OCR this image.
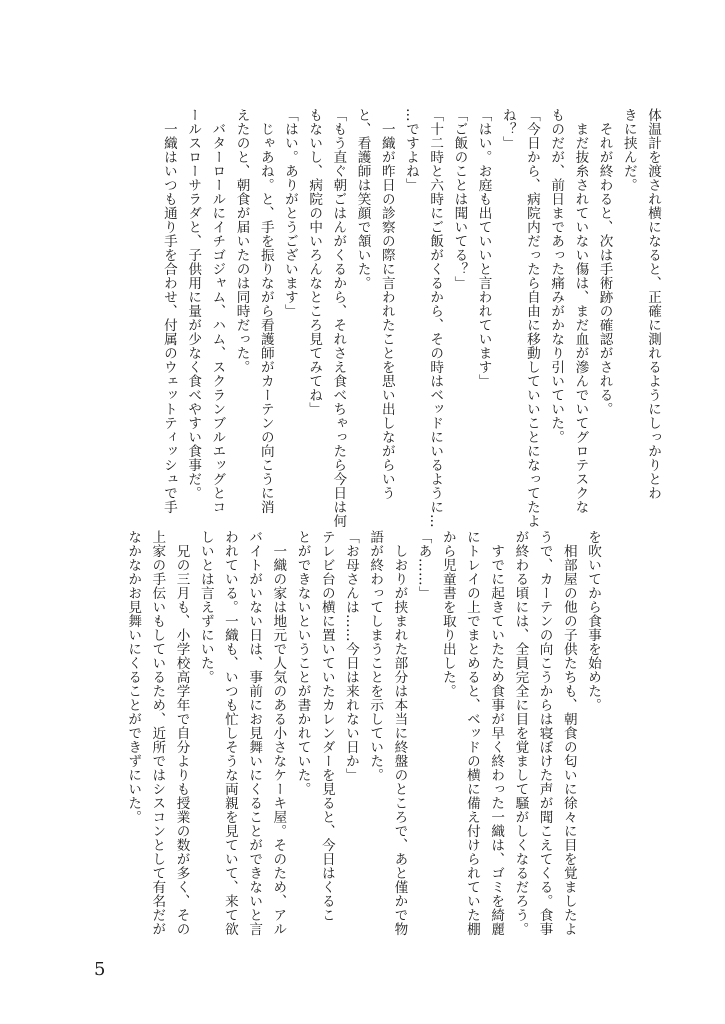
体温計を渡され横になると、正確に測れるようにしっかりとわ
きに挟んだ。
それが終わると、次は手術跡の確認がされる。
まだ抜糸されていない傷は、まだ血が滲んでいてグロテスクな
ものだが、前日まであった痛みがかなり引いていた。
「今日から、病院内だったら自由に移動していいことになってたよ
ね？」
「はい。お庭も出ていいと言われています」
「ご飯のことは聞いてる？」
「十二時と六時にご飯がくるから、その時はベッドにいるように…
…ですよね」
一織が昨日の診察の際に言われたことを思い出しながらいう
と、看護師は笑顔で頷いた。
「もう直ぐ朝ごはんがくるから、それさえ食べちゃったら今日は何
もないし、病院の中いろんなところ見てみてね」
「はい。ありがとうございます」
じゃあね。と、手を振りながら看護師がカーテンの向こうに消
えたのと、朝食が届いたのは同時だった。
バターロールにイチゴジャム、ハム、スクランブルエッグとコ
ールスローサラダと、子供用に量が少なく食べやすい食事だ。
一織はいつも通り手を合わせ、付属のウェットティッシュで手
を吹いてから食事を始めた。
相部屋の他の子供たちも、朝食の匂いに徐々に目を覚ましたよ
うで、カーテンの向こうからは寝ぼけた声が聞こえてくる。食事
が終わる頃には、全員完全に目を覚まして騒がしくなるだろう。
すでに起きていたため食事が早く終わった一織は、ゴミを綺麗
にトレイの上でまとめると、ベッドの横に備え付けられていた棚
から児童書を取り出した。
「あ……」
しおりが挟まれた部分は本当に終盤のところで、あと僅かで物
語が終わってしまうことを示していた。
「お母さんは……今日は来れない日か」
テレビ台の横に置いていたカレンダーを見ると、今日はくるこ
とができないということが書かれていた。
一織の家は地元で人気のある小さなケーキ屋。そのため、アル
バイトがいない日は、事前にお見舞いにくることができないと言
われている。一織も、いつも忙しそうな両親を見ていて、来て欲
しいとは言えずにいた。
兄の三月も、小学校高学年で自分よりも授業の数が多く、その
上家の手伝いもしているため、近所ではシスコンとして有名だが
なかなかお見舞いにくることができずにいた。
5
